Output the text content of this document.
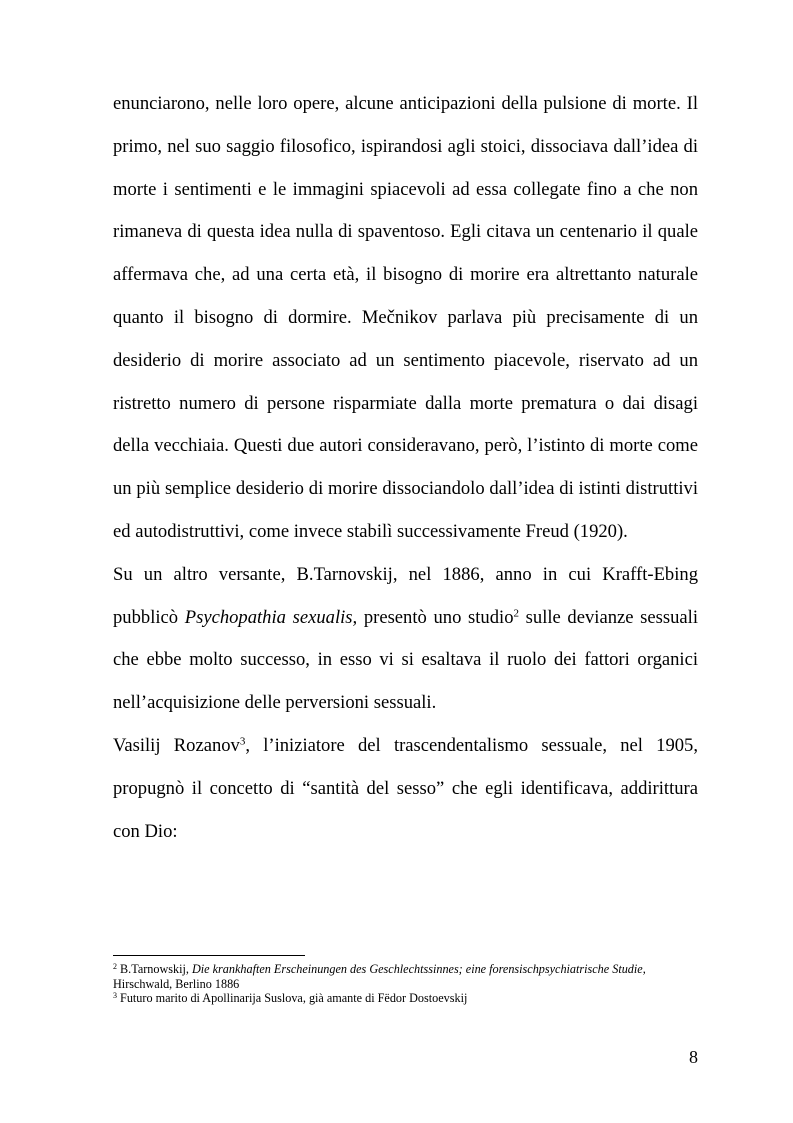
enunciarono, nelle loro opere, alcune anticipazioni della pulsione di morte. Il primo, nel suo saggio filosofico, ispirandosi agli stoici, dissociava dall’idea di morte i sentimenti e le immagini spiacevoli ad essa collegate fino a che non rimaneva di questa idea nulla di spaventoso. Egli citava un centenario il quale affermava che, ad una certa età, il bisogno di morire era altrettanto naturale quanto il bisogno di dormire. Mečnikov parlava più precisamente di un desiderio di morire associato ad un sentimento piacevole, riservato ad un ristretto numero di persone risparmiate dalla morte prematura o dai disagi della vecchiaia. Questi due autori consideravano, però, l’istinto di morte come un più semplice desiderio di morire dissociandolo dall’idea di istinti distruttivi ed autodistruttivi, come invece stabilì successivamente Freud (1920).

Su un altro versante, B.Tarnovskij, nel 1886, anno in cui Krafft-Ebing pubblicò Psychopathia sexualis, presentò uno studio$^2$ sulle devianze sessuali che ebbe molto successo, in esso vi si esaltava il ruolo dei fattori organici nell’acquisizione delle perversioni sessuali.

Vasilij Rozanov$^3$, l’iniziatore del trascendentalismo sessuale, nel 1905, propugnò il concetto di “santità del sesso” che egli identificava, addirittura con Dio:

$^2$ B.Tarnowskij, Die krankhaften Erscheinungen des Geschlechtssinnes; eine forensischpsychiatrische Studie,
Hirschwald, Berlino 1886

$^3$ Futuro marito di Apollinarija Suslova, già amante di Fëdor Dostoevskij

8
